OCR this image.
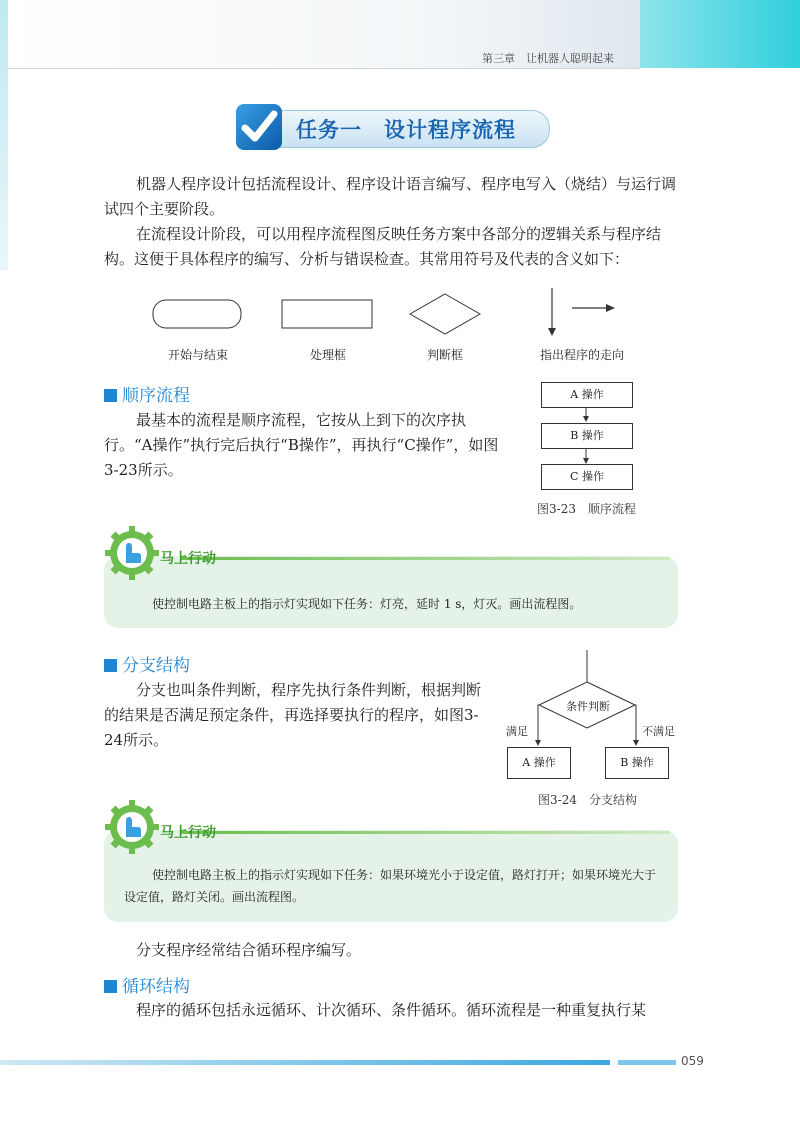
第三章　让机器人聪明起来
任务一　设计程序流程

机器人程序设计包括流程设计、程序设计语言编写、程序电写入（烧结）与运行调试四个主要阶段。

在流程设计阶段，可以用程序流程图反映任务方案中各部分的逻辑关系与程序结构。这便于具体程序的编写、分析与错误检查。其常用符号及代表的含义如下：

开始与结束	处理框	判断框	指出程序的走向
顺序流程

最基本的流程是顺序流程，它按从上到下的次序执行。“A操作”执行完后执行“B操作”，再执行“C操作”，如图3-23所示。

A 操作
B 操作
C 操作
图3-23　顺序流程
马上行动
使控制电路主板上的指示灯实现如下任务：灯亮，延时 1 s，灯灭。画出流程图。
分支结构

分支也叫条件判断，程序先执行条件判断，根据判断的结果是否满足预定条件，再选择要执行的程序，如图3-24所示。

条件判断
满足	不满足
A 操作	B 操作
图3-24　分支结构
马上行动
使控制电路主板上的指示灯实现如下任务：如果环境光小于设定值，路灯打开；如果环境光大于设定值，路灯关闭。画出流程图。

分支程序经常结合循环程序编写。

循环结构

程序的循环包括永远循环、计次循环、条件循环。循环流程是一种重复执行某

059
